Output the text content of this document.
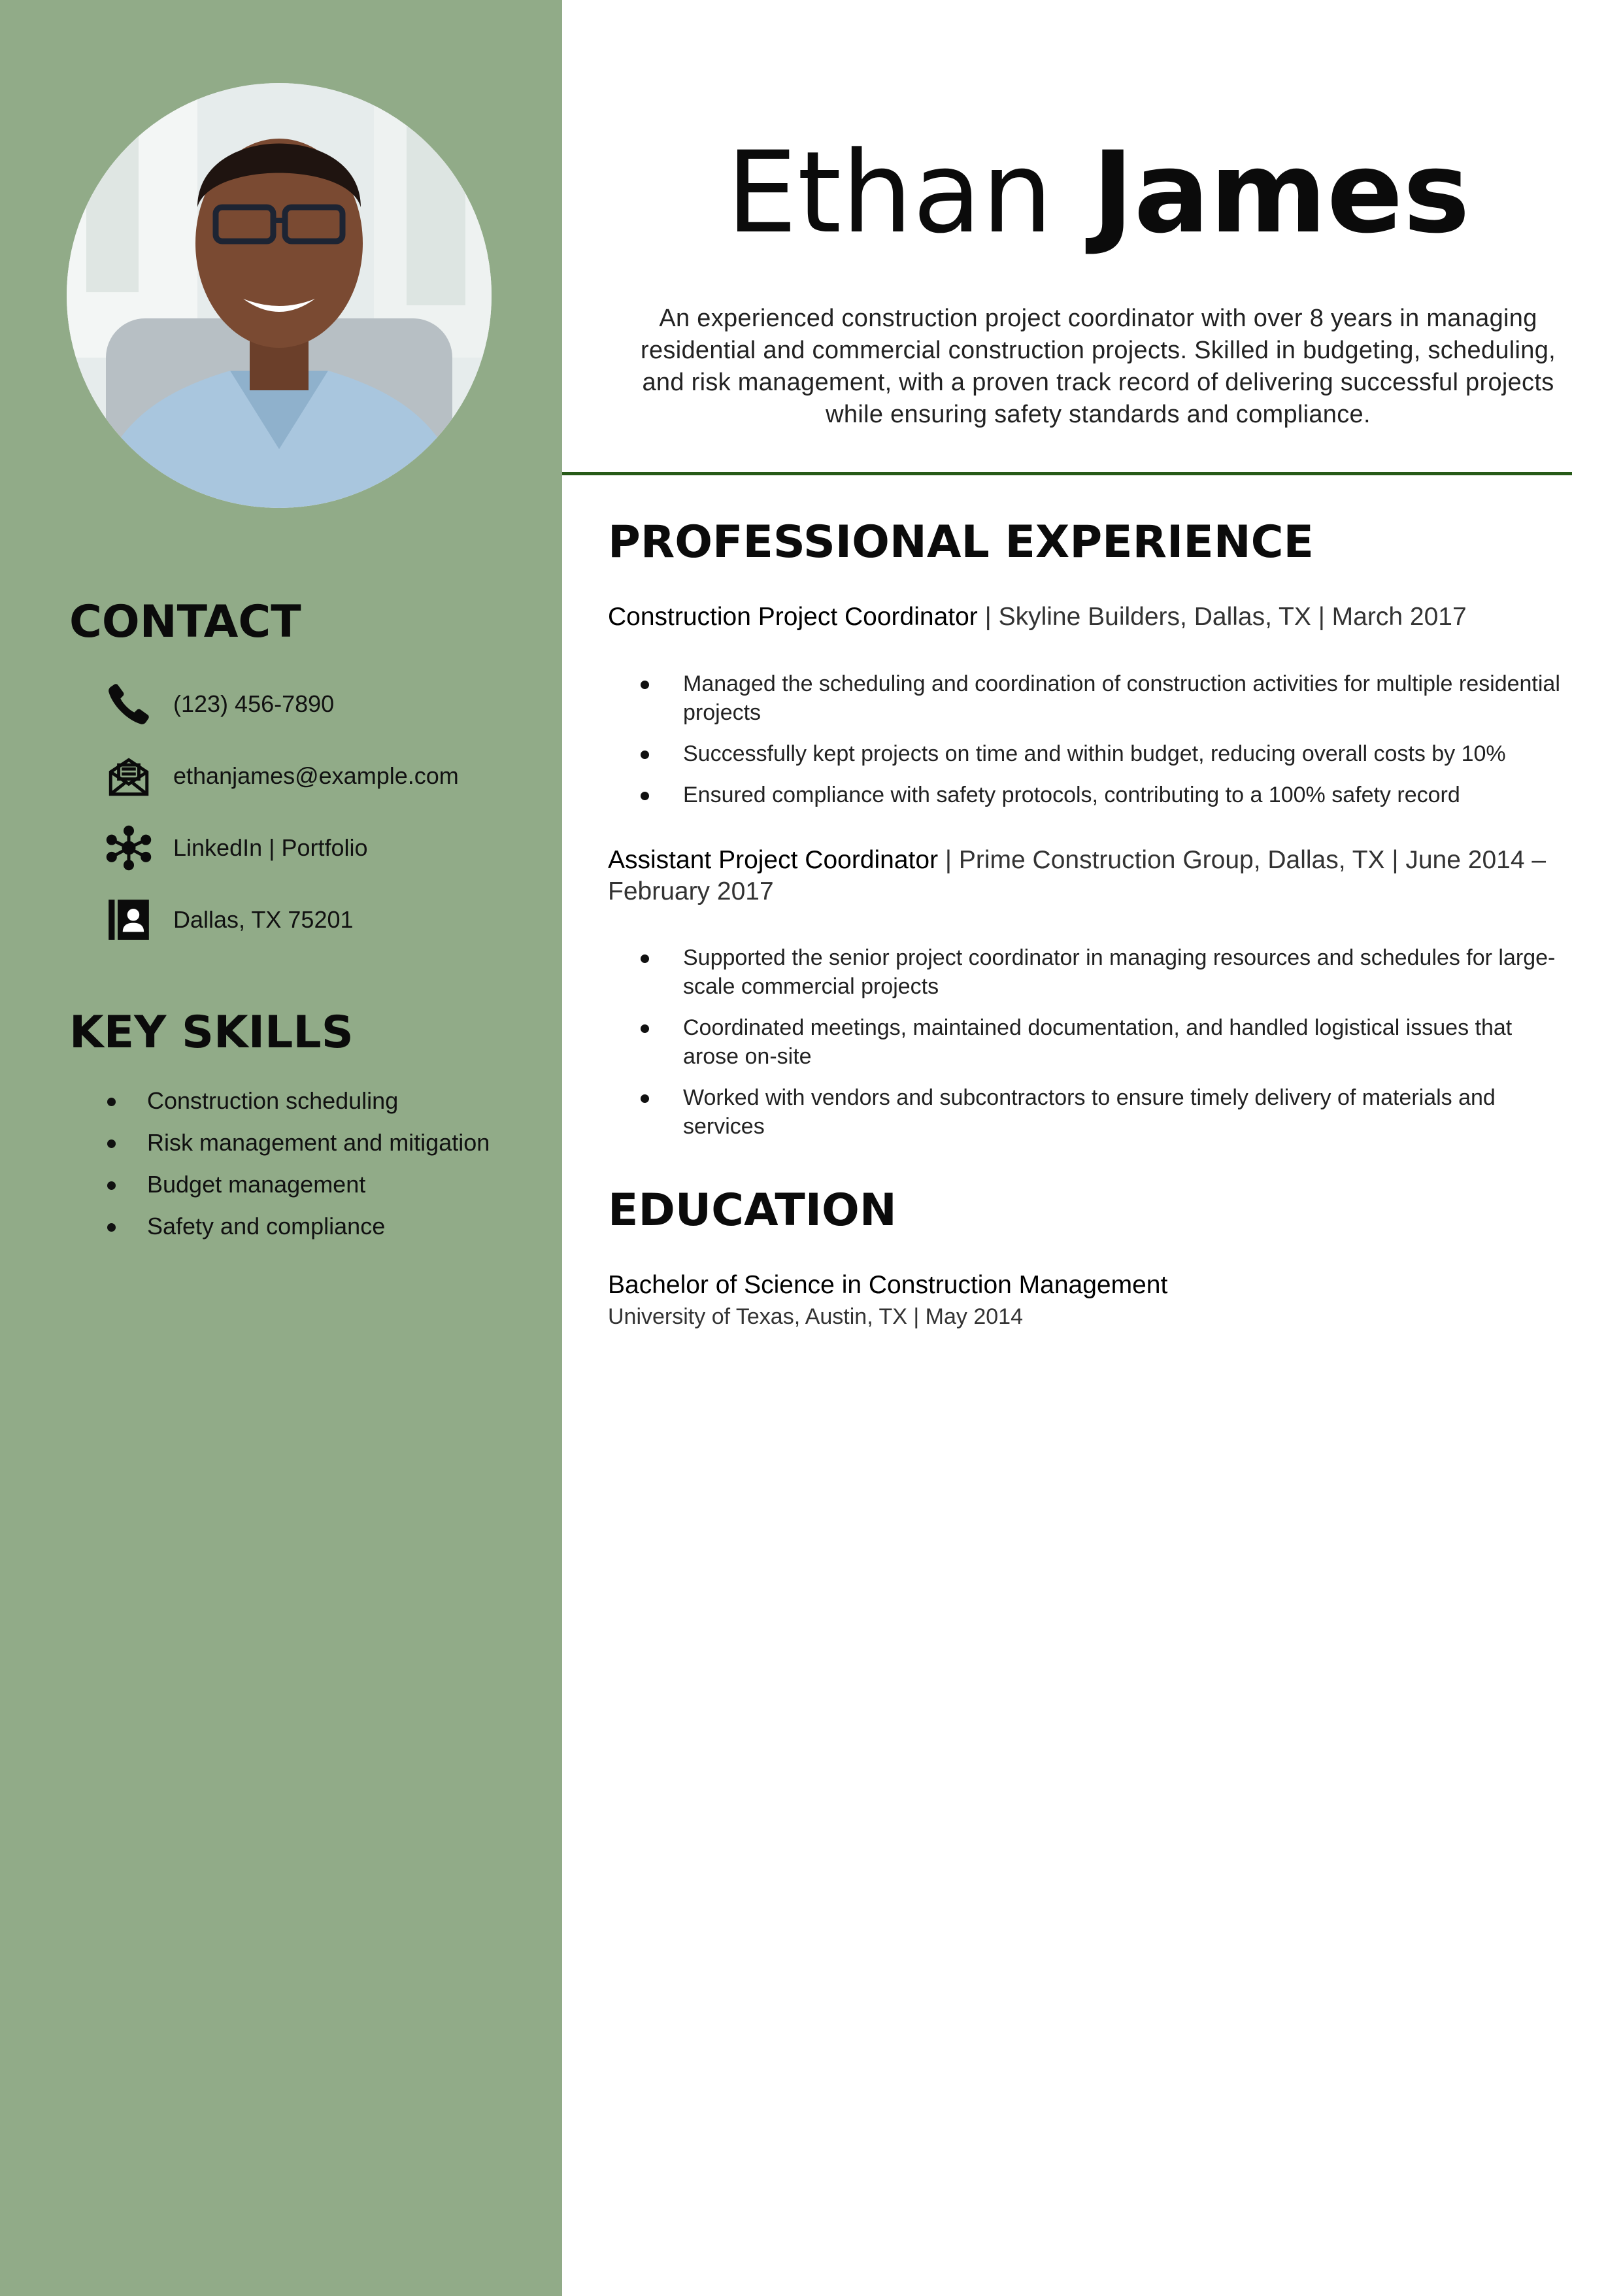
CONTACT
(123) 456-7890
ethanjames@example.com
LinkedIn | Portfolio
Dallas, TX 75201
KEY SKILLS
Construction scheduling
Risk management and mitigation
Budget management
Safety and compliance
Ethan James

An experienced construction project coordinator with over 8 years in managing residential and commercial construction projects. Skilled in budgeting, scheduling, and risk management, with a proven track record of delivering successful projects while ensuring safety standards and compliance.

PROFESSIONAL EXPERIENCE

Construction Project Coordinator | Skyline Builders, Dallas, TX | March 2017

Managed the scheduling and coordination of construction activities for multiple residential projects
Successfully kept projects on time and within budget, reducing overall costs by 10%
Ensured compliance with safety protocols, contributing to a 100% safety record

Assistant Project Coordinator | Prime Construction Group, Dallas, TX | June 2014 – February 2017

Supported the senior project coordinator in managing resources and schedules for large-scale commercial projects
Coordinated meetings, maintained documentation, and handled logistical issues that arose on-site
Worked with vendors and subcontractors to ensure timely delivery of materials and services
EDUCATION

Bachelor of Science in Construction Management

University of Texas, Austin, TX | May 2014
